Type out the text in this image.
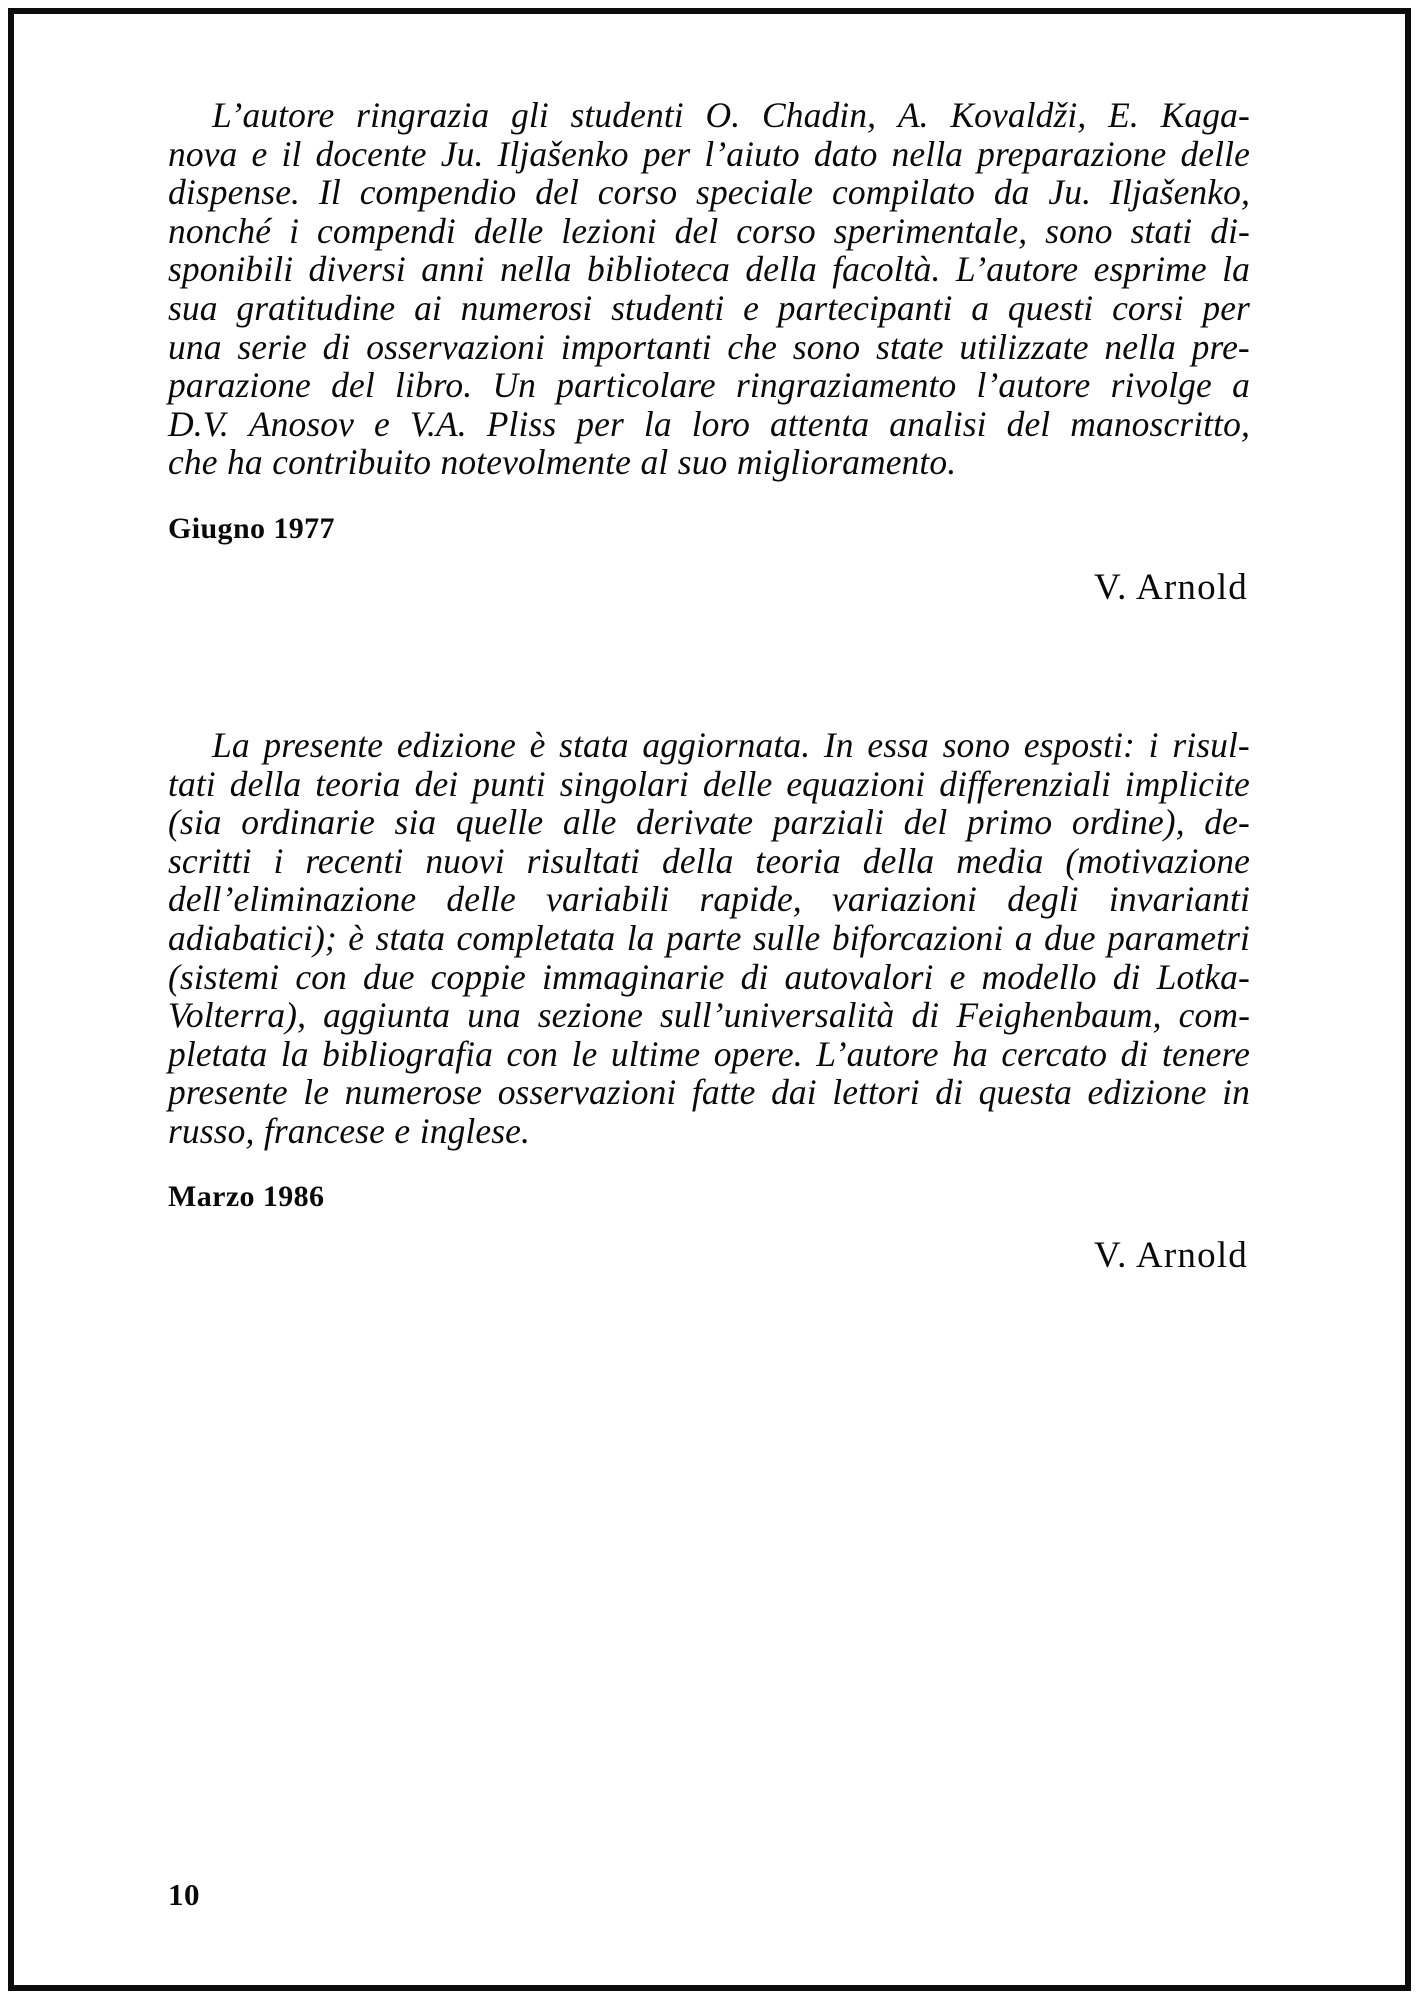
L’autore ringrazia gli studenti O. Chadin, A. Kovaldži, E. Kaga-
nova e il docente Ju. Iljašenko per l’aiuto dato nella preparazione delle
dispense. Il compendio del corso speciale compilato da Ju. Iljašenko,
nonché i compendi delle lezioni del corso sperimentale, sono stati di-
sponibili diversi anni nella biblioteca della facoltà. L’autore esprime la
sua gratitudine ai numerosi studenti e partecipanti a questi corsi per
una serie di osservazioni importanti che sono state utilizzate nella pre-
parazione del libro. Un particolare ringraziamento l’autore rivolge a
D.V. Anosov e V.A. Pliss per la loro attenta analisi del manoscritto,
che ha contribuito notevolmente al suo miglioramento.
Giugno 1977
V. Arnold
La presente edizione è stata aggiornata. In essa sono esposti: i risul-
tati della teoria dei punti singolari delle equazioni differenziali implicite
(sia ordinarie sia quelle alle derivate parziali del primo ordine), de-
scritti i recenti nuovi risultati della teoria della media (motivazione
dell’eliminazione delle variabili rapide, variazioni degli invarianti
adiabatici); è stata completata la parte sulle biforcazioni a due parametri
(sistemi con due coppie immaginarie di autovalori e modello di Lotka-
Volterra), aggiunta una sezione sull’universalità di Feighenbaum, com-
pletata la bibliografia con le ultime opere. L’autore ha cercato di tenere
presente le numerose osservazioni fatte dai lettori di questa edizione in
russo, francese e inglese.
Marzo 1986
V. Arnold
10
